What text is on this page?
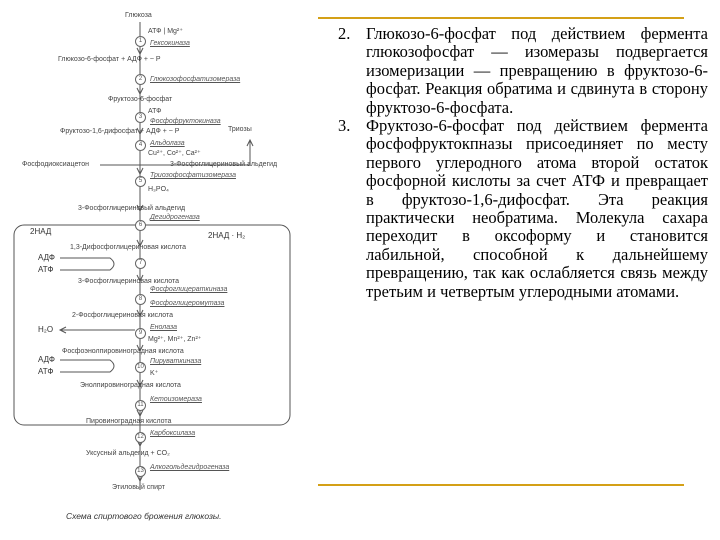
Глюкоза
Глюкозо-6-фосфат + АДФ + ~ Р
Фруктозо-6-фосфат
Фруктозо-1,6-дифосфат + АДФ + ~ Р
Фосфодиоксиацетон
3-Фосфоглицериновый альдегид
1,3-Дифосфоглицериновая кислота
3-Фосфоглицериновая кислота
2-Фосфоглицериновая кислота
Фосфоэнолпировиноградная кислота
Энолпировиноградная кислота
Пировиноградная кислота
Уксусный альдегид + CO₂
Этиловый спирт
АТФ | Mg²⁺
АТФ
Cu²⁺, Co²⁺, Ca²⁺
Триозы
3-Фосфоглицериновый альдегид
H₃PO₄
2НАД	2НАД · Н₂
АДФ
АТФ
H₂O
Mg²⁺, Mn²⁺, Zn²⁺
АДФ
АТФ	K⁺
Гексокиназа
Глюкозофосфатизомераза
Фосфофруктокиназа
Альдолаза
Триозофосфатизомераза
Дегидрогеназа
Фосфоглицераткиназа
Фосфоглицеромутаза
Енолаза
Пируваткиназа
Кетоизомераза
Карбоксилаза
Алкогольдегидрогеназа
1
2
3
4
5
6
7
8
9
10
11
12
13
Схема спиртового брожения глюкозы.
2. Глюкозо-6-фосфат под действием фермента глюкозофосфат — изомеразы подвергается изомеризации — превращению в фруктозо-6-фосфат. Реакция обратима и сдвинута в сторону фруктозо-6-фосфата.
3. Фруктозо-6-фосфат под действием фермента фосфофруктокпназы присоединяет по месту первого углеродного атома второй остаток фосфорной кислоты за счет АТФ и превращает в фруктозо-1,6-дифосфат. Эта реакция практически необратима. Молекула сахара переходит в оксоформу и становится лабильной, способной к дальнейшему превращению, так как ослабляется связь между третьим и четвертым углеродными атомами.
